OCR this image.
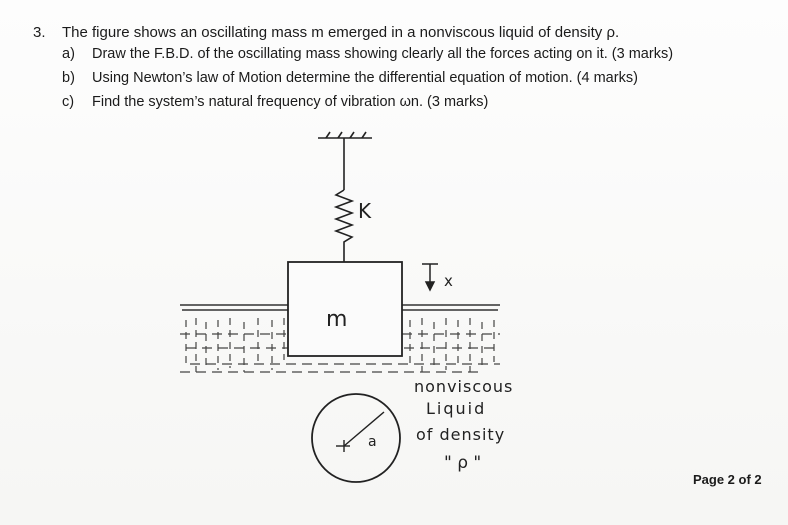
3. The figure shows an oscillating mass m emerged in a nonviscous liquid of density ρ.
a) Draw the F.B.D. of the oscillating mass showing clearly all the forces acting on it. (3 marks)
b) Using Newton’s law of Motion determine the differential equation of motion. (4 marks)
c) Find the system’s natural frequency of vibration ωn. (3 marks)
K
m
x
a
nonviscous
Liquid
of density
" ρ "
Page 2 of 2
